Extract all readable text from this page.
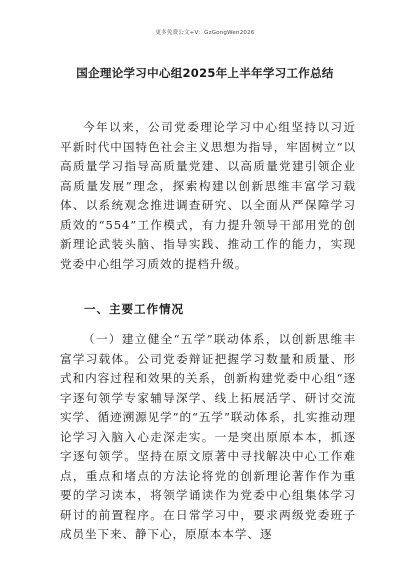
更多免费公文+V：GzGongWen2026
国企理论学习中心组2025年上半年学习工作总结

今年以来，公司党委理论学习中心组坚持以习近平新时代中国特色社会主义思想为指导，牢固树立“以高质量学习指导高质量党建、以高质量党建引领企业高质量发展”理念，探索构建以创新思维丰富学习载体、以系统观念推进调查研究、以全面从严保障学习质效的“554”工作模式，有力提升领导干部用党的创新理论武装头脑、指导实践、推动工作的能力，实现党委中心组学习质效的提档升级。

一、主要工作情况

（一）建立健全“五学”联动体系，以创新思维丰富学习载体。公司党委辩证把握学习数量和质量、形式和内容过程和效果的关系，创新构建党委中心组“逐字逐句领学专家辅导深学、线上拓展活学、研讨交流实学、循迹溯源见学”的“五学”联动体系，扎实推动理论学习入脑入心走深走实。一是突出原原本本，抓逐字逐句领学。坚持在原文原著中寻找解决中心工作难点，重点和堵点的方法论将党的创新理论著作作为重要的学习读本，将领学诵读作为党委中心组集体学习研讨的前置程序。在日常学习中，要求两级党委班子成员坐下来、静下心，原原本本学、逐
